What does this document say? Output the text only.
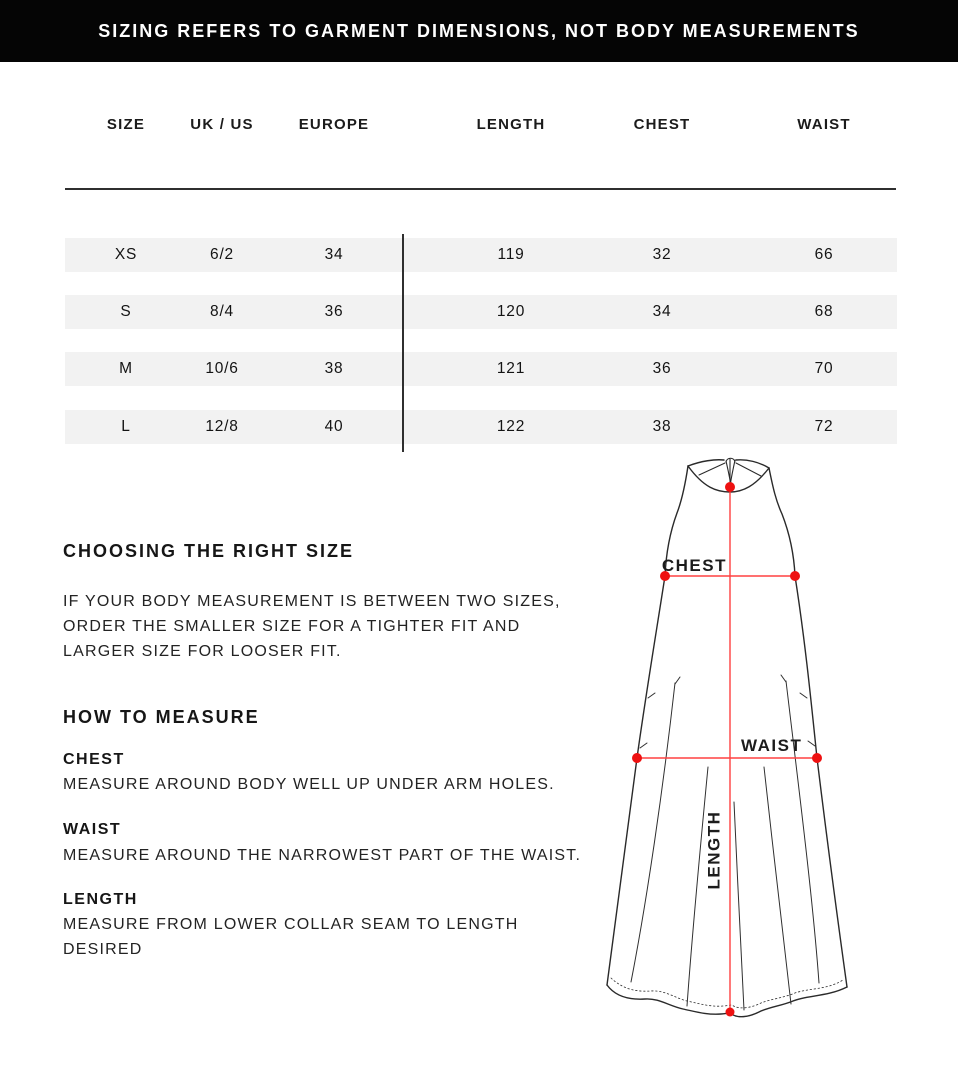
SIZING REFERS TO GARMENT DIMENSIONS, NOT BODY MEASUREMENTS
SIZE	UK / US	EUROPE	LENGTH	CHEST	WAIST
XS	6/2	34	119	32	66
S	8/4	36	120	34	68
M	10/6	38	121	36	70
L	12/8	40	122	38	72
CHOOSING THE RIGHT SIZE
IF YOUR BODY MEASUREMENT IS BETWEEN TWO SIZES,
ORDER THE SMALLER SIZE FOR A TIGHTER FIT AND
LARGER SIZE FOR LOOSER FIT.
HOW TO MEASURE
CHEST
MEASURE AROUND BODY WELL UP UNDER ARM HOLES.
WAIST
MEASURE AROUND THE NARROWEST PART OF THE WAIST.
LENGTH
MEASURE FROM LOWER COLLAR SEAM TO LENGTH
DESIRED
CHEST
WAIST
LENGTH
